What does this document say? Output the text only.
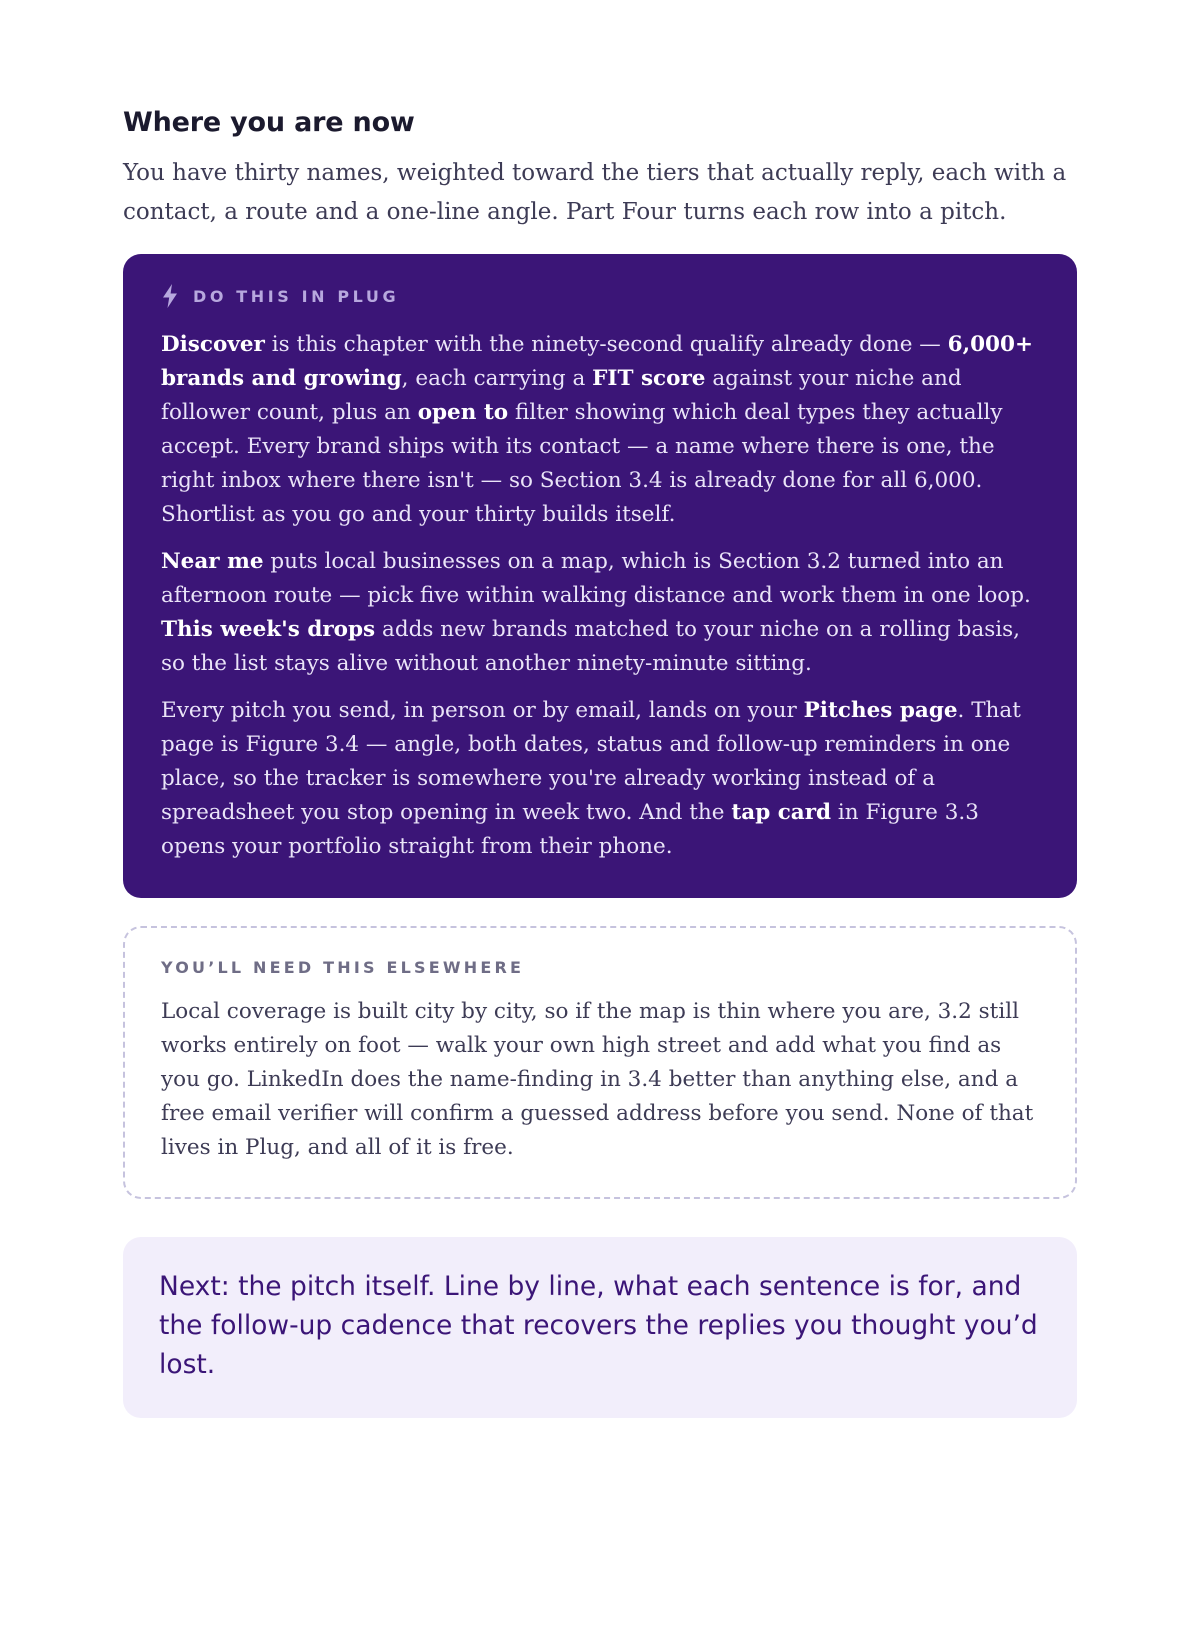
Where you are now

You have thirty names, weighted toward the tiers that actually reply, each with a contact, a route and a one-line angle. Part Four turns each row into a pitch.

DO THIS IN PLUG

Discover is this chapter with the ninety-second qualify already done — 6,000+ brands and growing, each carrying a FIT score against your niche and follower count, plus an open to filter showing which deal types they actually accept. Every brand ships with its contact — a name where there is one, the right inbox where there isn't — so Section 3.4 is already done for all 6,000. Shortlist as you go and your thirty builds itself.

Near me puts local businesses on a map, which is Section 3.2 turned into an afternoon route — pick five within walking distance and work them in one loop. This week's drops adds new brands matched to your niche on a rolling basis, so the list stays alive without another ninety-minute sitting.

Every pitch you send, in person or by email, lands on your Pitches page. That page is Figure 3.4 — angle, both dates, status and follow-up reminders in one place, so the tracker is somewhere you're already working instead of a spreadsheet you stop opening in week two. And the tap card in Figure 3.3 opens your portfolio straight from their phone.

YOU’LL NEED THIS ELSEWHERE

Local coverage is built city by city, so if the map is thin where you are, 3.2 still works entirely on foot — walk your own high street and add what you find as you go. LinkedIn does the name-finding in 3.4 better than anything else, and a free email verifier will confirm a guessed address before you send. None of that lives in Plug, and all of it is free.

Next: the pitch itself. Line by line, what each sentence is for, and the follow-up cadence that recovers the replies you thought you’d lost.
